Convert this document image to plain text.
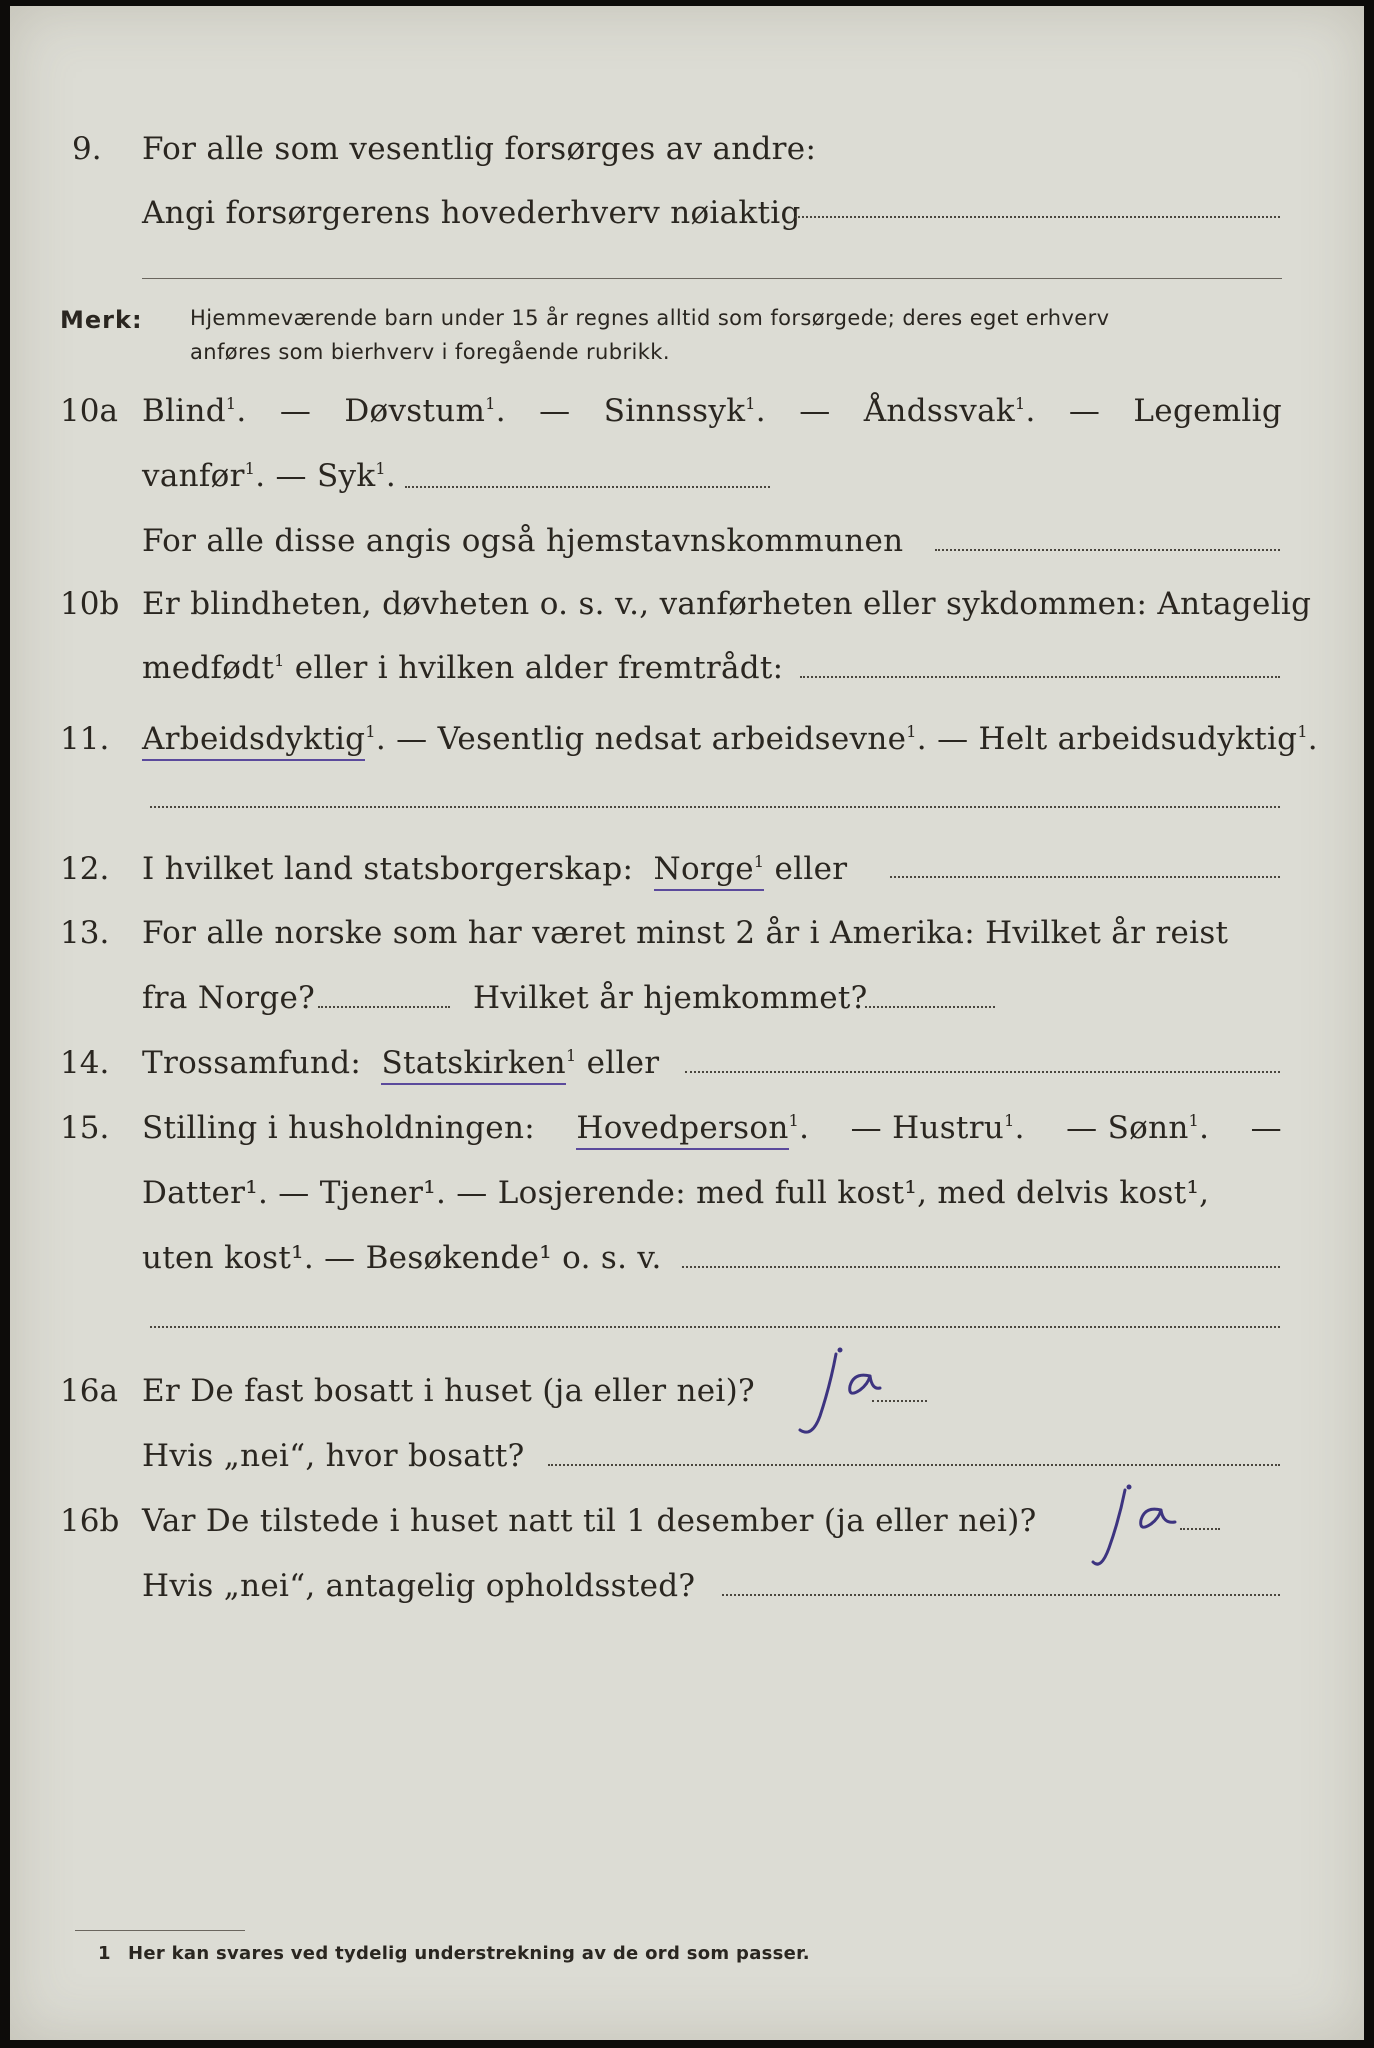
9. For alle som vesentlig forsørges av andre:
Angi forsørgerens hovederhverv nøiaktig
Merk: Hjemmeværende barn under 15 år regnes alltid som forsørgede; deres eget erhverv
anføres som bierhverv i foregående rubrikk.
10a Blind$^1$. — Døvstum$^1$. — Sinnssyk$^1$. — Åndssvak$^1$. — Legemlig
vanfør$^1$. — Syk$^1$.
For alle disse angis også hjemstavnskommunen
10b Er blindheten, døvheten o. s. v., vanførheten eller sykdommen: Antagelig
medfødt$^1$ eller i hvilken alder fremtrådt:
11. Arbeidsdyktig$^1$. — Vesentlig nedsat arbeidsevne$^1$. — Helt arbeidsudyktig$^1$.
12. I hvilket land statsborgerskap: Norge$^1$ eller
13. For alle norske som har været minst 2 år i Amerika: Hvilket år reist
fra Norge?	Hvilket år hjemkommet?
14. Trossamfund: Statskirken$^1$ eller
15. Stilling i husholdningen: Hovedperson$^1$. — Hustru$^1$. — Sønn$^1$. —
Datter¹. — Tjener¹. — Losjerende: med full kost¹, med delvis kost¹,
uten kost¹. — Besøkende¹ o. s. v.
16a Er De fast bosatt i huset (ja eller nei)?
ja
Hvis „nei“, hvor bosatt?
16b Var De tilstede i huset natt til 1 desember (ja eller nei)?
ja
Hvis „nei“, antagelig opholdssted?
1 Her kan svares ved tydelig understrekning av de ord som passer.
